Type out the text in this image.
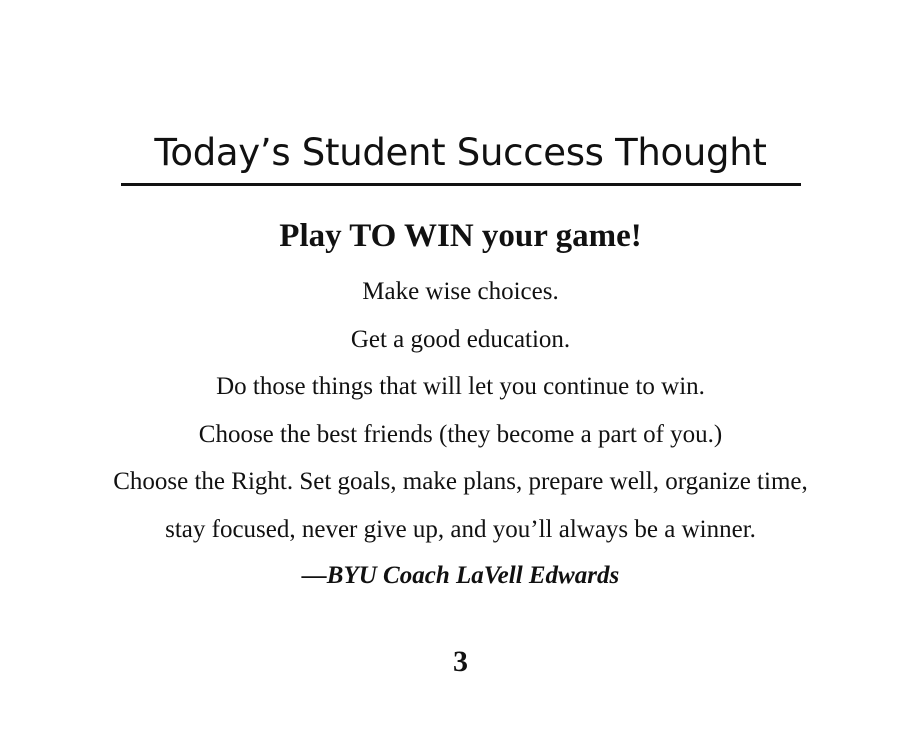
Today’s Student Success Thought
Play TO WIN your game!
Make wise choices.
Get a good education.
Do those things that will let you continue to win.
Choose the best friends (they become a part of you.)
Choose the Right. Set goals, make plans, prepare well, organize time,
stay focused, never give up, and you’ll always be a winner.
—BYU Coach LaVell Edwards
3
